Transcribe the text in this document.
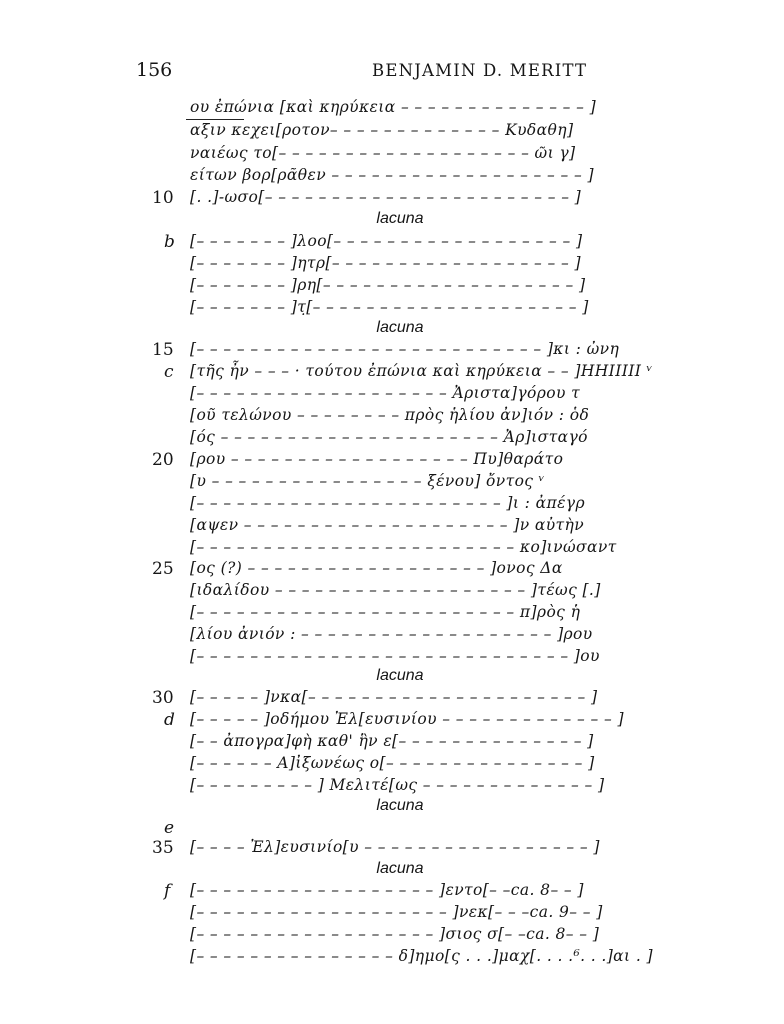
156	BENJAMIN D. MERITT
ου ἐπώνια [καὶ κηρύκεια – – – – – – – – – – – – – – ]
αξιν κεχει[ροτον– – – – – – – – – – – – – Κυδαθη]
ναιέως το[– – – – – – – – – – – – – – – – – – – ῶι γ]
είτων βορ[ρᾶθεν – – – – – – – – – – – – – – – – – – – ]
10 [. .]-ωσο[– – – – – – – – – – – – – – – – – – – – – – – ]
lacuna
b [– – – – – – – ]λοο[– – – – – – – – – – – – – – – – – – ]
[– – – – – – – ]ητρ[– – – – – – – – – – – – – – – – – – ]
[– – – – – – – ]ρη[– – – – – – – – – – – – – – – – – – – ]
[– – – – – – – ]τ̣[– – – – – – – – – – – – – – – – – – – – ]
lacuna
15 [– – – – – – – – – – – – – – – – – – – – – – – – – – ]κι : ὠνη
c [τῆς ἦν – – – · τούτου ἐπώνια καὶ κηρύκεια – – ]ΗΗΙΙΙΙΙ ᵛ
[– – – – – – – – – – – – – – – – – – – Ἀριστα]γόρου τ
[οῦ τελώνου – – – – – – – – πρὸς ἡλίου ἀν]ιόν : ὁδ
[ός – – – – – – – – – – – – – – – – – – – – – Ἀρ]ισταγό
20 [ρου – – – – – – – – – – – – – – – – – – Πυ]θαράτο
[υ – – – – – – – – – – – – – – – – ξένου] ὄντος ᵛ
[– – – – – – – – – – – – – – – – – – – – – – – ]ι : ἀπέγρ
[αψεν – – – – – – – – – – – – – – – – – – – – ]ν αὐτὴν
[– – – – – – – – – – – – – – – – – – – – – – – – κο]ινώσαντ
25 [ος (?) – – – – – – – – – – – – – – – – – – ]ονος Δα
[ιδαλίδου – – – – – – – – – – – – – – – – – – – ]τέως [.]
[– – – – – – – – – – – – – – – – – – – – – – – – π]ρὸς ἡ
[λίου ἀνιόν : – – – – – – – – – – – – – – – – – – – ]ρου
[– – – – – – – – – – – – – – – – – – – – – – – – – – – – ]ου
lacuna
30 [– – – – – ]νκα[– – – – – – – – – – – – – – – – – – – – – ]
d [– – – – – ]οδήμου Ἐλ[ευσινίου – – – – – – – – – – – – – ]
[– – ἀπογρα]φὴ καθ' ἣν ε[– – – – – – – – – – – – – – ]
[– – – – – – Α]ἰξωνέως ο[– – – – – – – – – – – – – – – ]
[– – – – – – – – – ] Μελιτέ[ως – – – – – – – – – – – – – ]
lacuna
e
35 [– – – – Ἐλ]ευσινίο[υ – – – – – – – – – – – – – – – – – ]
lacuna
f [– – – – – – – – – – – – – – – – – – ]εντο[– –ca. 8– – ]
[– – – – – – – – – – – – – – – – – – – ]νεκ[– – –ca. 9– – ]
[– – – – – – – – – – – – – – – – – – ]σιος σ[– –ca. 8– – ]
[– – – – – – – – – – – – – – – δ]ημο[ς . . .]μαχ[. . . .⁶. . .]αι . ]
